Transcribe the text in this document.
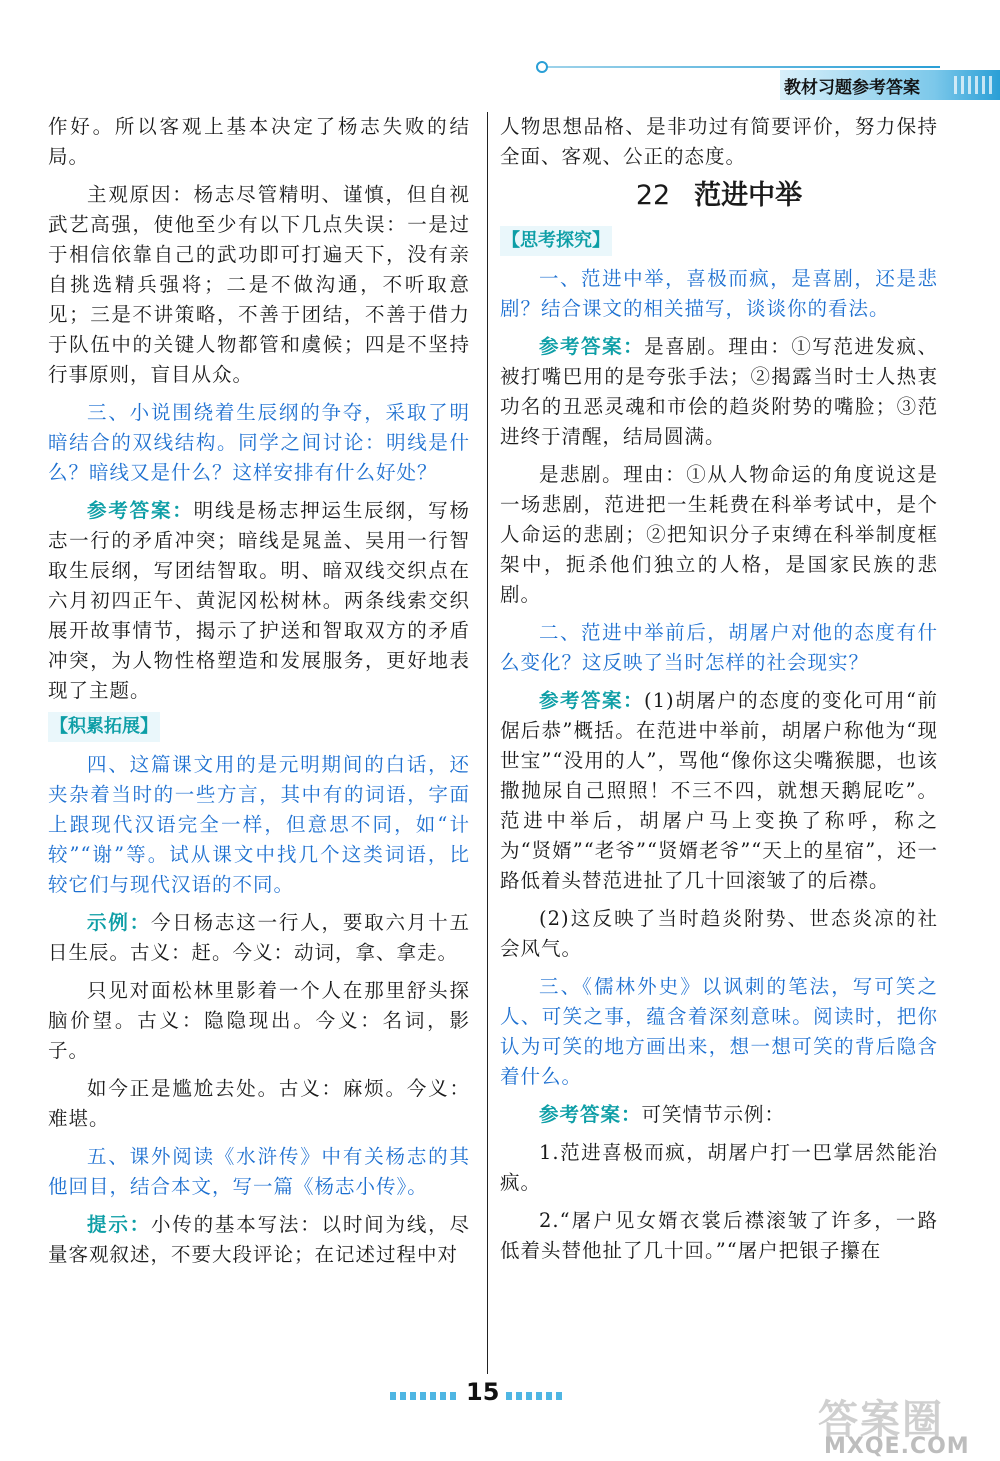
教材习题参考答案

作好。所以客观上基本决定了杨志失败的结局。

主观原因：杨志尽管精明、谨慎，但自视武艺高强，使他至少有以下几点失误：一是过于相信依靠自己的武功即可打遍天下，没有亲自挑选精兵强将；二是不做沟通，不听取意见；三是不讲策略，不善于团结，不善于借力于队伍中的关键人物都管和虞候；四是不坚持行事原则，盲目从众。

三、小说围绕着生辰纲的争夺，采取了明暗结合的双线结构。同学之间讨论：明线是什么？暗线又是什么？这样安排有什么好处？

参考答案：明线是杨志押运生辰纲，写杨志一行的矛盾冲突；暗线是晁盖、吴用一行智取生辰纲，写团结智取。明、暗双线交织点在六月初四正午、黄泥冈松树林。两条线索交织展开故事情节，揭示了护送和智取双方的矛盾冲突，为人物性格塑造和发展服务，更好地表现了主题。

【积累拓展】

四、这篇课文用的是元明期间的白话，还夹杂着当时的一些方言，其中有的词语，字面上跟现代汉语完全一样，但意思不同，如“计较”“谢”等。试从课文中找几个这类词语，比较它们与现代汉语的不同。

示例：今日杨志这一行人，要取六月十五日生辰。古义：赶。今义：动词，拿、拿走。

只见对面松林里影着一个人在那里舒头探脑价望。古义：隐隐现出。今义：名词，影子。

如今正是尴尬去处。古义：麻烦。今义：难堪。

五、课外阅读《水浒传》中有关杨志的其他回目，结合本文，写一篇《杨志小传》。

提示：小传的基本写法：以时间为线，尽量客观叙述，不要大段评论；在记述过程中对

人物思想品格、是非功过有简要评价，努力保持全面、客观、公正的态度。

22 范进中举
【思考探究】

一、范进中举，喜极而疯，是喜剧，还是悲剧？结合课文的相关描写，谈谈你的看法。

参考答案：是喜剧。理由：①写范进发疯、被打嘴巴用的是夸张手法；②揭露当时士人热衷功名的丑恶灵魂和市侩的趋炎附势的嘴脸；③范进终于清醒，结局圆满。

是悲剧。理由：①从人物命运的角度说这是一场悲剧，范进把一生耗费在科举考试中，是个人命运的悲剧；②把知识分子束缚在科举制度框架中，扼杀他们独立的人格，是国家民族的悲剧。

二、范进中举前后，胡屠户对他的态度有什么变化？这反映了当时怎样的社会现实？

参考答案：(1)胡屠户的态度的变化可用“前倨后恭”概括。在范进中举前，胡屠户称他为“现世宝”“没用的人”，骂他“像你这尖嘴猴腮，也该撒抛尿自己照照！不三不四，就想天鹅屁吃”。范进中举后，胡屠户马上变换了称呼，称之为“贤婿”“老爷”“贤婿老爷”“天上的星宿”，还一路低着头替范进扯了几十回滚皱了的后襟。

(2)这反映了当时趋炎附势、世态炎凉的社会风气。

三、《儒林外史》以讽刺的笔法，写可笑之人、可笑之事，蕴含着深刻意味。阅读时，把你认为可笑的地方画出来，想一想可笑的背后隐含着什么。

参考答案：可笑情节示例：

1.范进喜极而疯，胡屠户打一巴掌居然能治疯。

2.“屠户见女婿衣裳后襟滚皱了许多，一路低着头替他扯了几十回。”“屠户把银子攥在

15
答案圈
MXQE.COM
